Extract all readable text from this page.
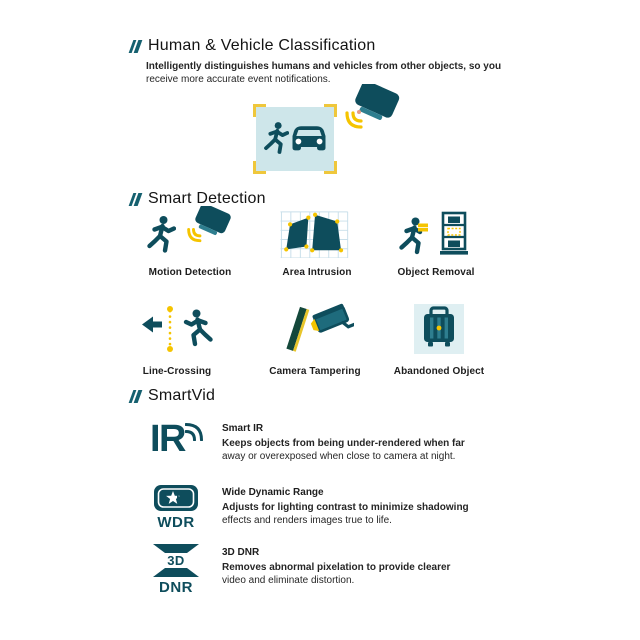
Human & Vehicle Classification
Intelligently distinguishes humans and vehicles from other objects, so you
receive more accurate event notifications.
Smart Detection
Motion Detection	Area Intrusion	Object Removal
Line-Crossing	Camera Tampering	Abandoned Object
SmartVid
IR	Smart IR
Keeps objects from being under-rendered when far
away or overexposed when close to camera at night.
WDR
Wide Dynamic Range
Adjusts for lighting contrast to minimize shadowing
effects and renders images true to life.
3D
DNR
3D DNR
Removes abnormal pixelation to provide clearer
video and eliminate distortion.
